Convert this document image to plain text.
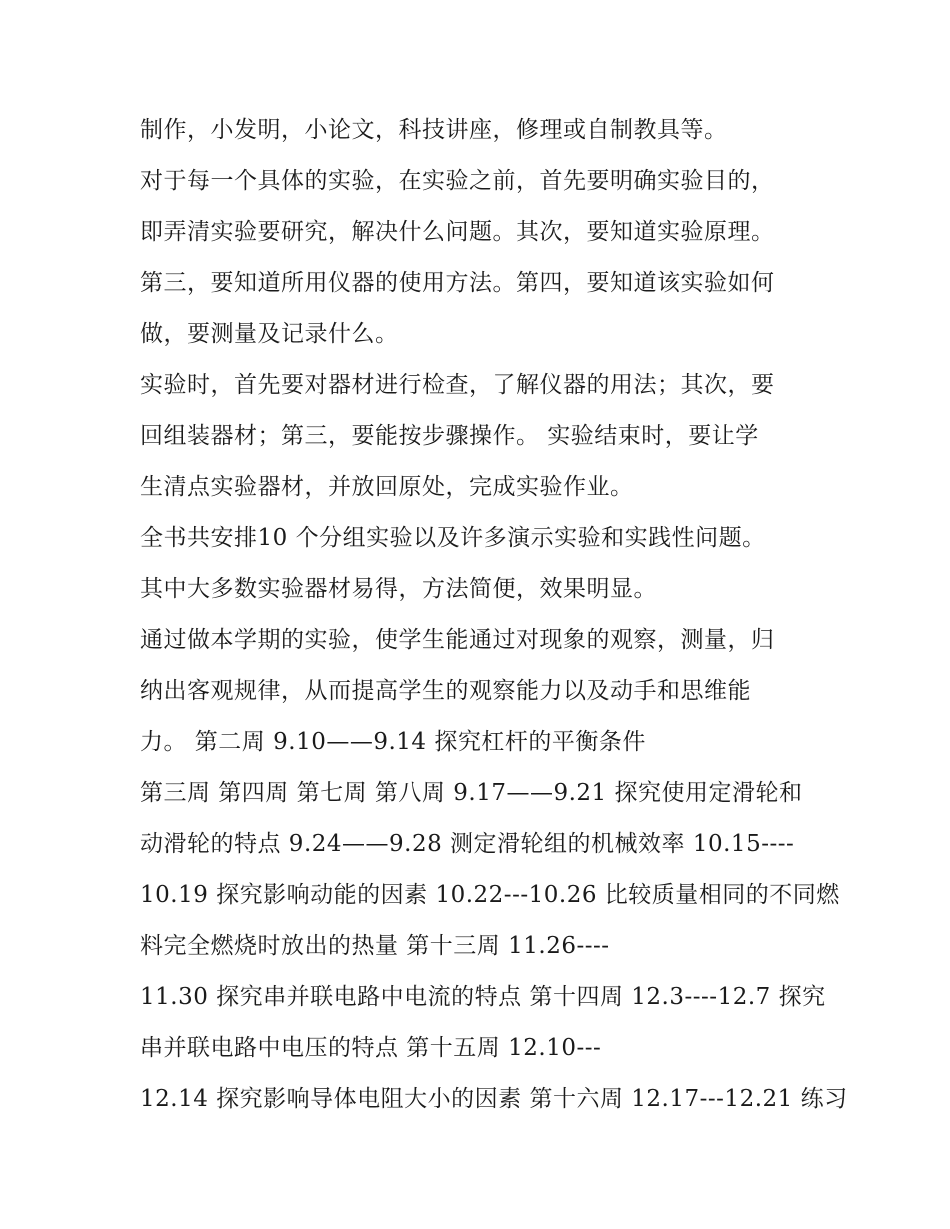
制作，小发明，小论文，科技讲座，修理或自制教具等。
对于每一个具体的实验，在实验之前，首先要明确实验目的，
即弄清实验要研究，解决什么问题。其次，要知道实验原理。
第三，要知道所用仪器的使用方法。第四，要知道该实验如何
做，要测量及记录什么。
实验时，首先要对器材进行检查，了解仪器的用法；其次，要
回组装器材；第三，要能按步骤操作。 实验结束时，要让学
生清点实验器材，并放回原处，完成实验作业。
全书共安排10 个分组实验以及许多演示实验和实践性问题。
其中大多数实验器材易得，方法简便，效果明显。
通过做本学期的实验，使学生能通过对现象的观察，测量，归
纳出客观规律，从而提高学生的观察能力以及动手和思维能
力。 第二周 9.10——9.14 探究杠杆的平衡条件
第三周 第四周 第七周 第八周 9.17——9.21 探究使用定滑轮和
动滑轮的特点 9.24——9.28 测定滑轮组的机械效率 10.15----
10.19 探究影响动能的因素 10.22---10.26 比较质量相同的不同燃
料完全燃烧时放出的热量 第十三周 11.26----
11.30 探究串并联电路中电流的特点 第十四周 12.3----12.7 探究
串并联电路中电压的特点 第十五周 12.10---
12.14 探究影响导体电阻大小的因素 第十六周 12.17---12.21 练习
